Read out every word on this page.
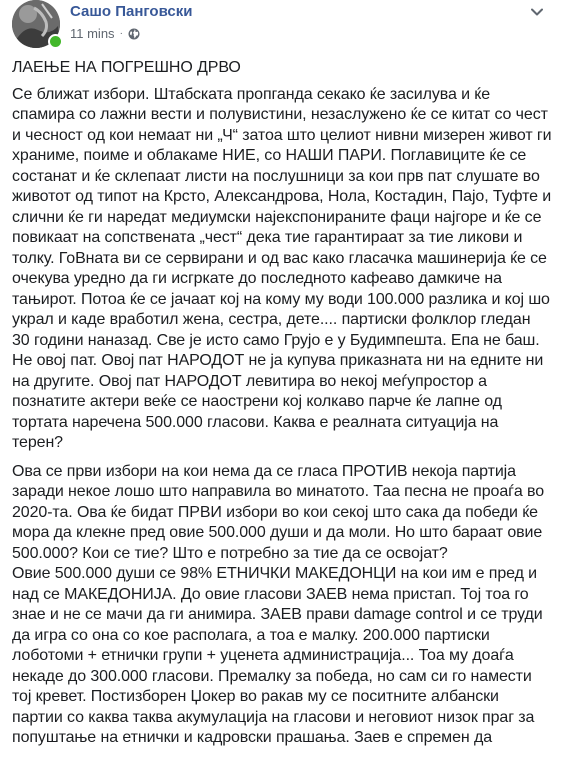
Сашо Панговски
11 mins ·

ЛАЕЊЕ НА ПОГРЕШНО ДРВО

Се ближат избори. Штабската пропганда секако ќе засилува и ќе спамира со лажни вести и полувистини, незаслужено ќе се китат со чест и чесност од кои немаат ни „Ч“ затоа што целиот нивни мизерен живот ги храниме, поиме и облакаме НИЕ, со НАШИ ПАРИ. Поглавиците ќе се состанат и ќе склепаат листи на послушници за кои прв пат слушате во животот од типот на Крсто, Александрова, Нола, Костадин, Пајо, Туфте и слични ќе ги наредат медиумски најекспонираните фаци најгоре и ќе се повикаат на сопствената „чест“ дека тие гарантираат за тие ликови и толку. ГоВната ви се сервирани и од вас како гласачка машинерија ќе се очекува уредно да ги исгркате до последното кафеаво дамкиче на тањирот. Потоа ќе се јачаат кој на кому му води 100.000 разлика и кој шо украл и каде вработил жена, сестра, дете.... партиски фолклор гледан 30 години наназад. Све је исто само Грујо е у Будимпешта. Епа не баш. Не овој пат. Овој пат НАРОДОТ не ја купува приказната ни на едните ни на другите. Овој пат НАРОДОТ левитира во некој меѓупростор а познатите актери веќе се наострени кој колкаво парче ќе лапне од тортата наречена 500.000 гласови. Каква е реалната ситуација на терен?

Ова се први избори на кои нема да се гласа ПРОТИВ некоја партија заради некое лошо што направила во минатото. Таа песна не проаѓа во 2020-та. Ова ќе бидат ПРВИ избори во кои секој што сака да победи ќе мора да клекне пред овие 500.000 души и да моли. Но што бараат овие 500.000? Кои се тие? Што е потребно за тие да се освојат?

Овие 500.000 души се 98% ЕТНИЧКИ МАКЕДОНЦИ на кои им е пред и над се МАКЕДОНИЈА. До овие гласови ЗАЕВ нема пристап. Тој тоа го знае и не се мачи да ги анимира. ЗАЕВ прави damage control и се труди да игра со она со кое располага, а тоа е малку. 200.000 партиски лоботоми + етнички групи + уценета администрација... Тоа му доаѓа некаде до 300.000 гласови. Премалку за победа, но сам си го намести тој кревет. Постизборен Џокер во ракав му се поситните албански партии со каква таква акумулација на гласови и неговиот низок праг за попуштање на етнички и кадровски прашања. Заев е спремен да
